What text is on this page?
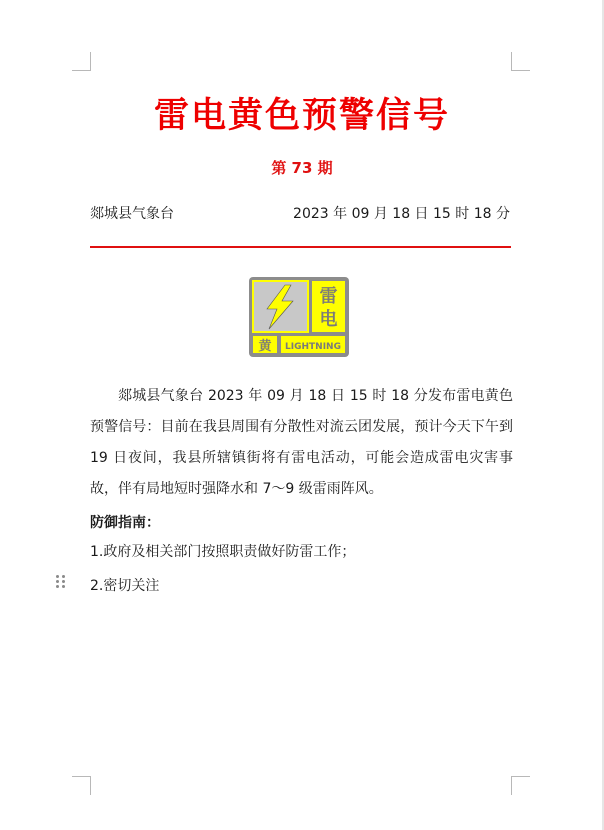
雷电黄色预警信号
第 73 期
郯城县气象台	2023 年 09 月 18 日 15 时 18 分
雷
电
黄 LIGHTNING
郯城县气象台 2023 年 09 月 18 日 15 时 18 分发布雷电黄色预警信号：目前在我县周围有分散性对流云团发展，预计今天下午到 19 日夜间，我县所辖镇街将有雷电活动，可能会造成雷电灾害事故，伴有局地短时强降水和 7～9 级雷雨阵风。
防御指南：
1.政府及相关部门按照职责做好防雷工作；
2.密切关注
